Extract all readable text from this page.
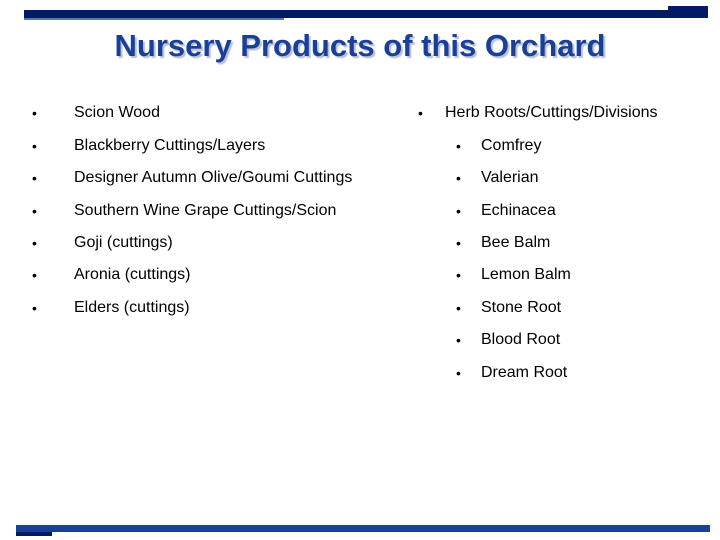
Nursery Products of this Orchard
• Scion Wood
• Blackberry Cuttings/Layers
• Designer Autumn Olive/Goumi Cuttings
• Southern Wine Grape Cuttings/Scion
• Goji (cuttings)
• Aronia (cuttings)
• Elders (cuttings)
• Herb Roots/Cuttings/Divisions
• Comfrey
• Valerian
• Echinacea
• Bee Balm
• Lemon Balm
• Stone Root
• Blood Root
• Dream Root
